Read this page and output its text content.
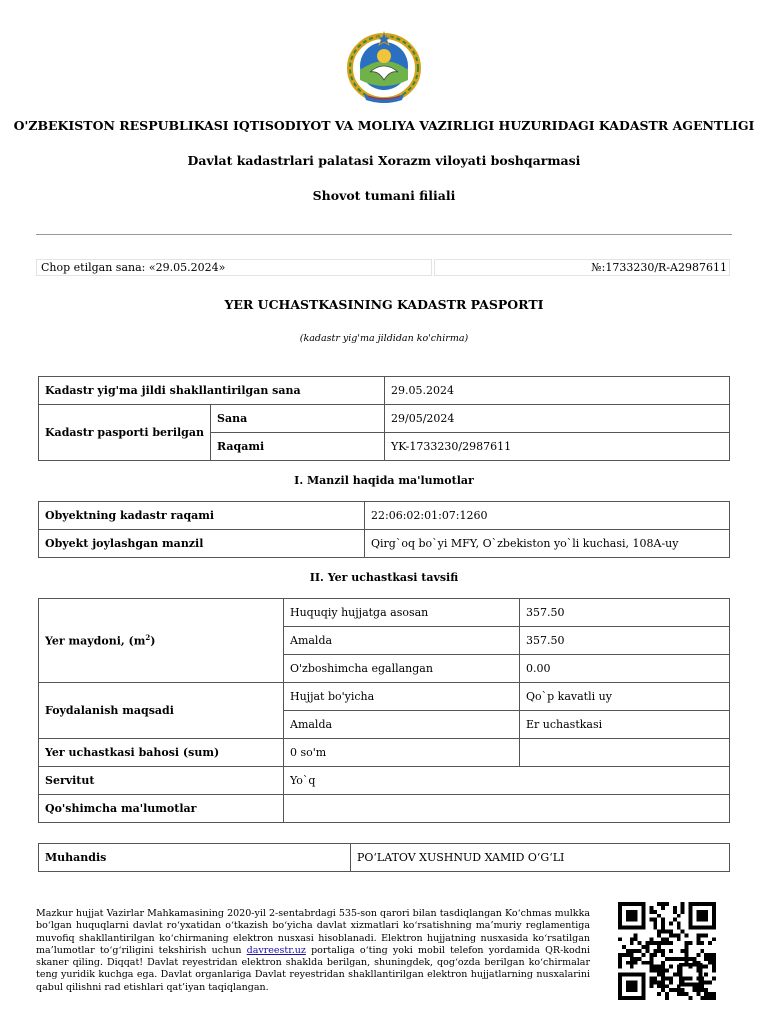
O'ZBEKISTON RESPUBLIKASI IQTISODIYOT VA MOLIYA VAZIRLIGI HUZURIDAGI KADASTR AGENTLIGI
Davlat kadastrlari palatasi Xorazm viloyati boshqarmasi
Shovot tumani filiali
Chop etilgan sana: «29.05.2024»	№:1733230/R-A2987611
YER UCHASTKASINING KADASTR PASPORTI
(kadastr yig'ma jildidan ko'chirma)
Kadastr yig'ma jildi shakllantirilgan sana		29.05.2024
Kadastr pasporti berilgan	Sana	29/05/2024
	Raqami	YK-1733230/2987611
I. Manzil haqida ma'lumotlar
Obyektning kadastr raqami	22:06:02:01:07:1260
Obyekt joylashgan manzil	Qirg`oq bo`yi MFY, O`zbekiston yo`li kuchasi, 108A-uy
II. Yer uchastkasi tavsifi
Yer maydoni, $(m^2)$	Huquqiy hujjatga asosan	357.50
	Amalda	357.50
	O'zboshimcha egallangan	0.00
Foydalanish maqsadi	Hujjat bo'yicha	Qo`p kavatli uy
	Amalda	Er uchastkasi
Yer uchastkasi bahosi (sum)	0 so'm	
Servitut	Yo`q	
Qo'shimcha ma'lumotlar		
Muhandis	PO‘LATOV XUSHNUD XAMID O‘G‘LI
Mazkur hujjat Vazirlar Mahkamasining 2020-yil 2-sentabrdagi 535-son qarori bilan tasdiqlangan Ko‘chmas mulkka bo‘lgan huquqlarni davlat ro‘yxatidan o‘tkazish bo‘yicha davlat xizmatlari ko‘rsatishning ma’muriy reglamentiga muvofiq shakllantirilgan ko‘chirmaning elektron nusxasi hisoblanadi. Elektron hujjatning nusxasida ko‘rsatilgan ma’lumotlar to‘g‘riligini tekshirish uchun davreestr.uz portaliga o‘ting yoki mobil telefon yordamida QR-kodni skaner qiling. Diqqat! Davlat reyestridan elektron shaklda berilgan, shuningdek, qog‘ozda berilgan ko‘chirmalar teng yuridik kuchga ega. Davlat organlariga Davlat reyestridan shakllantirilgan elektron hujjatlarning nusxalarini qabul qilishni rad etishlari qat’iyan taqiqlangan.
